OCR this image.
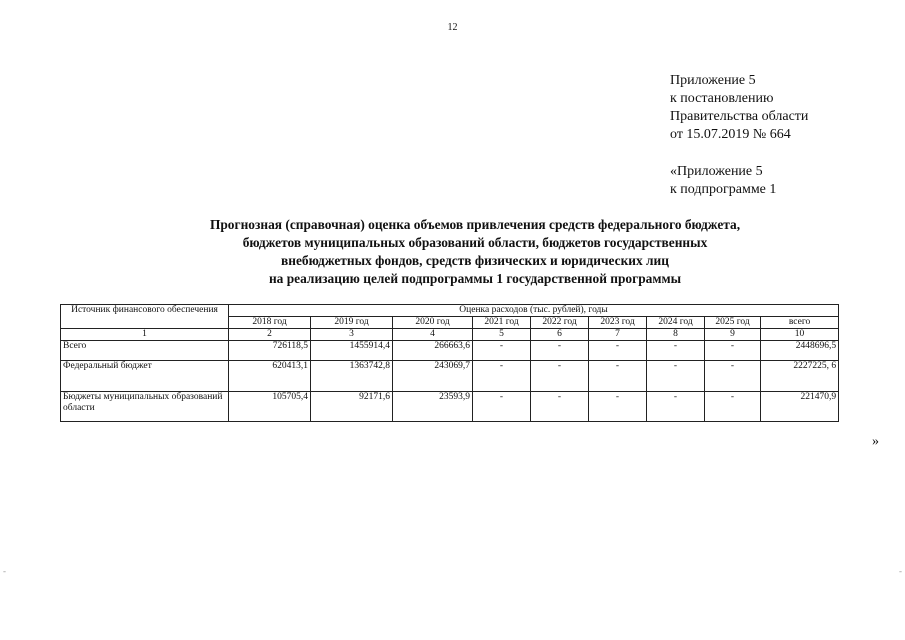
12
Приложение 5
к постановлению
Правительства области
от 15.07.2019 № 664
«Приложение 5
к подпрограмме 1
Прогнозная (справочная) оценка объемов привлечения средств федерального бюджета,
бюджетов муниципальных образований области, бюджетов государственных
внебюджетных фондов, средств физических и юридических лиц
на реализацию целей подпрограммы 1 государственной программы
Источник финансового обеспечения	Оценка расходов (тыс. рублей), годы								
	2018 год	2019 год	2020 год	2021 год	2022 год	2023 год	2024 год	2025 год	всего
1	2	3	4	5	6	7	8	9	10
Всего	726118,5	1455914,4	266663,6	-	-	-	-	-	2448696,5
Федеральный бюджет	620413,1	1363742,8	243069,7	-	-	-	-	-	2227225, 6
Бюджеты муниципальных образований области	105705,4	92171,6	23593,9	-	-	-	-	-	221470,9
»
-	-
